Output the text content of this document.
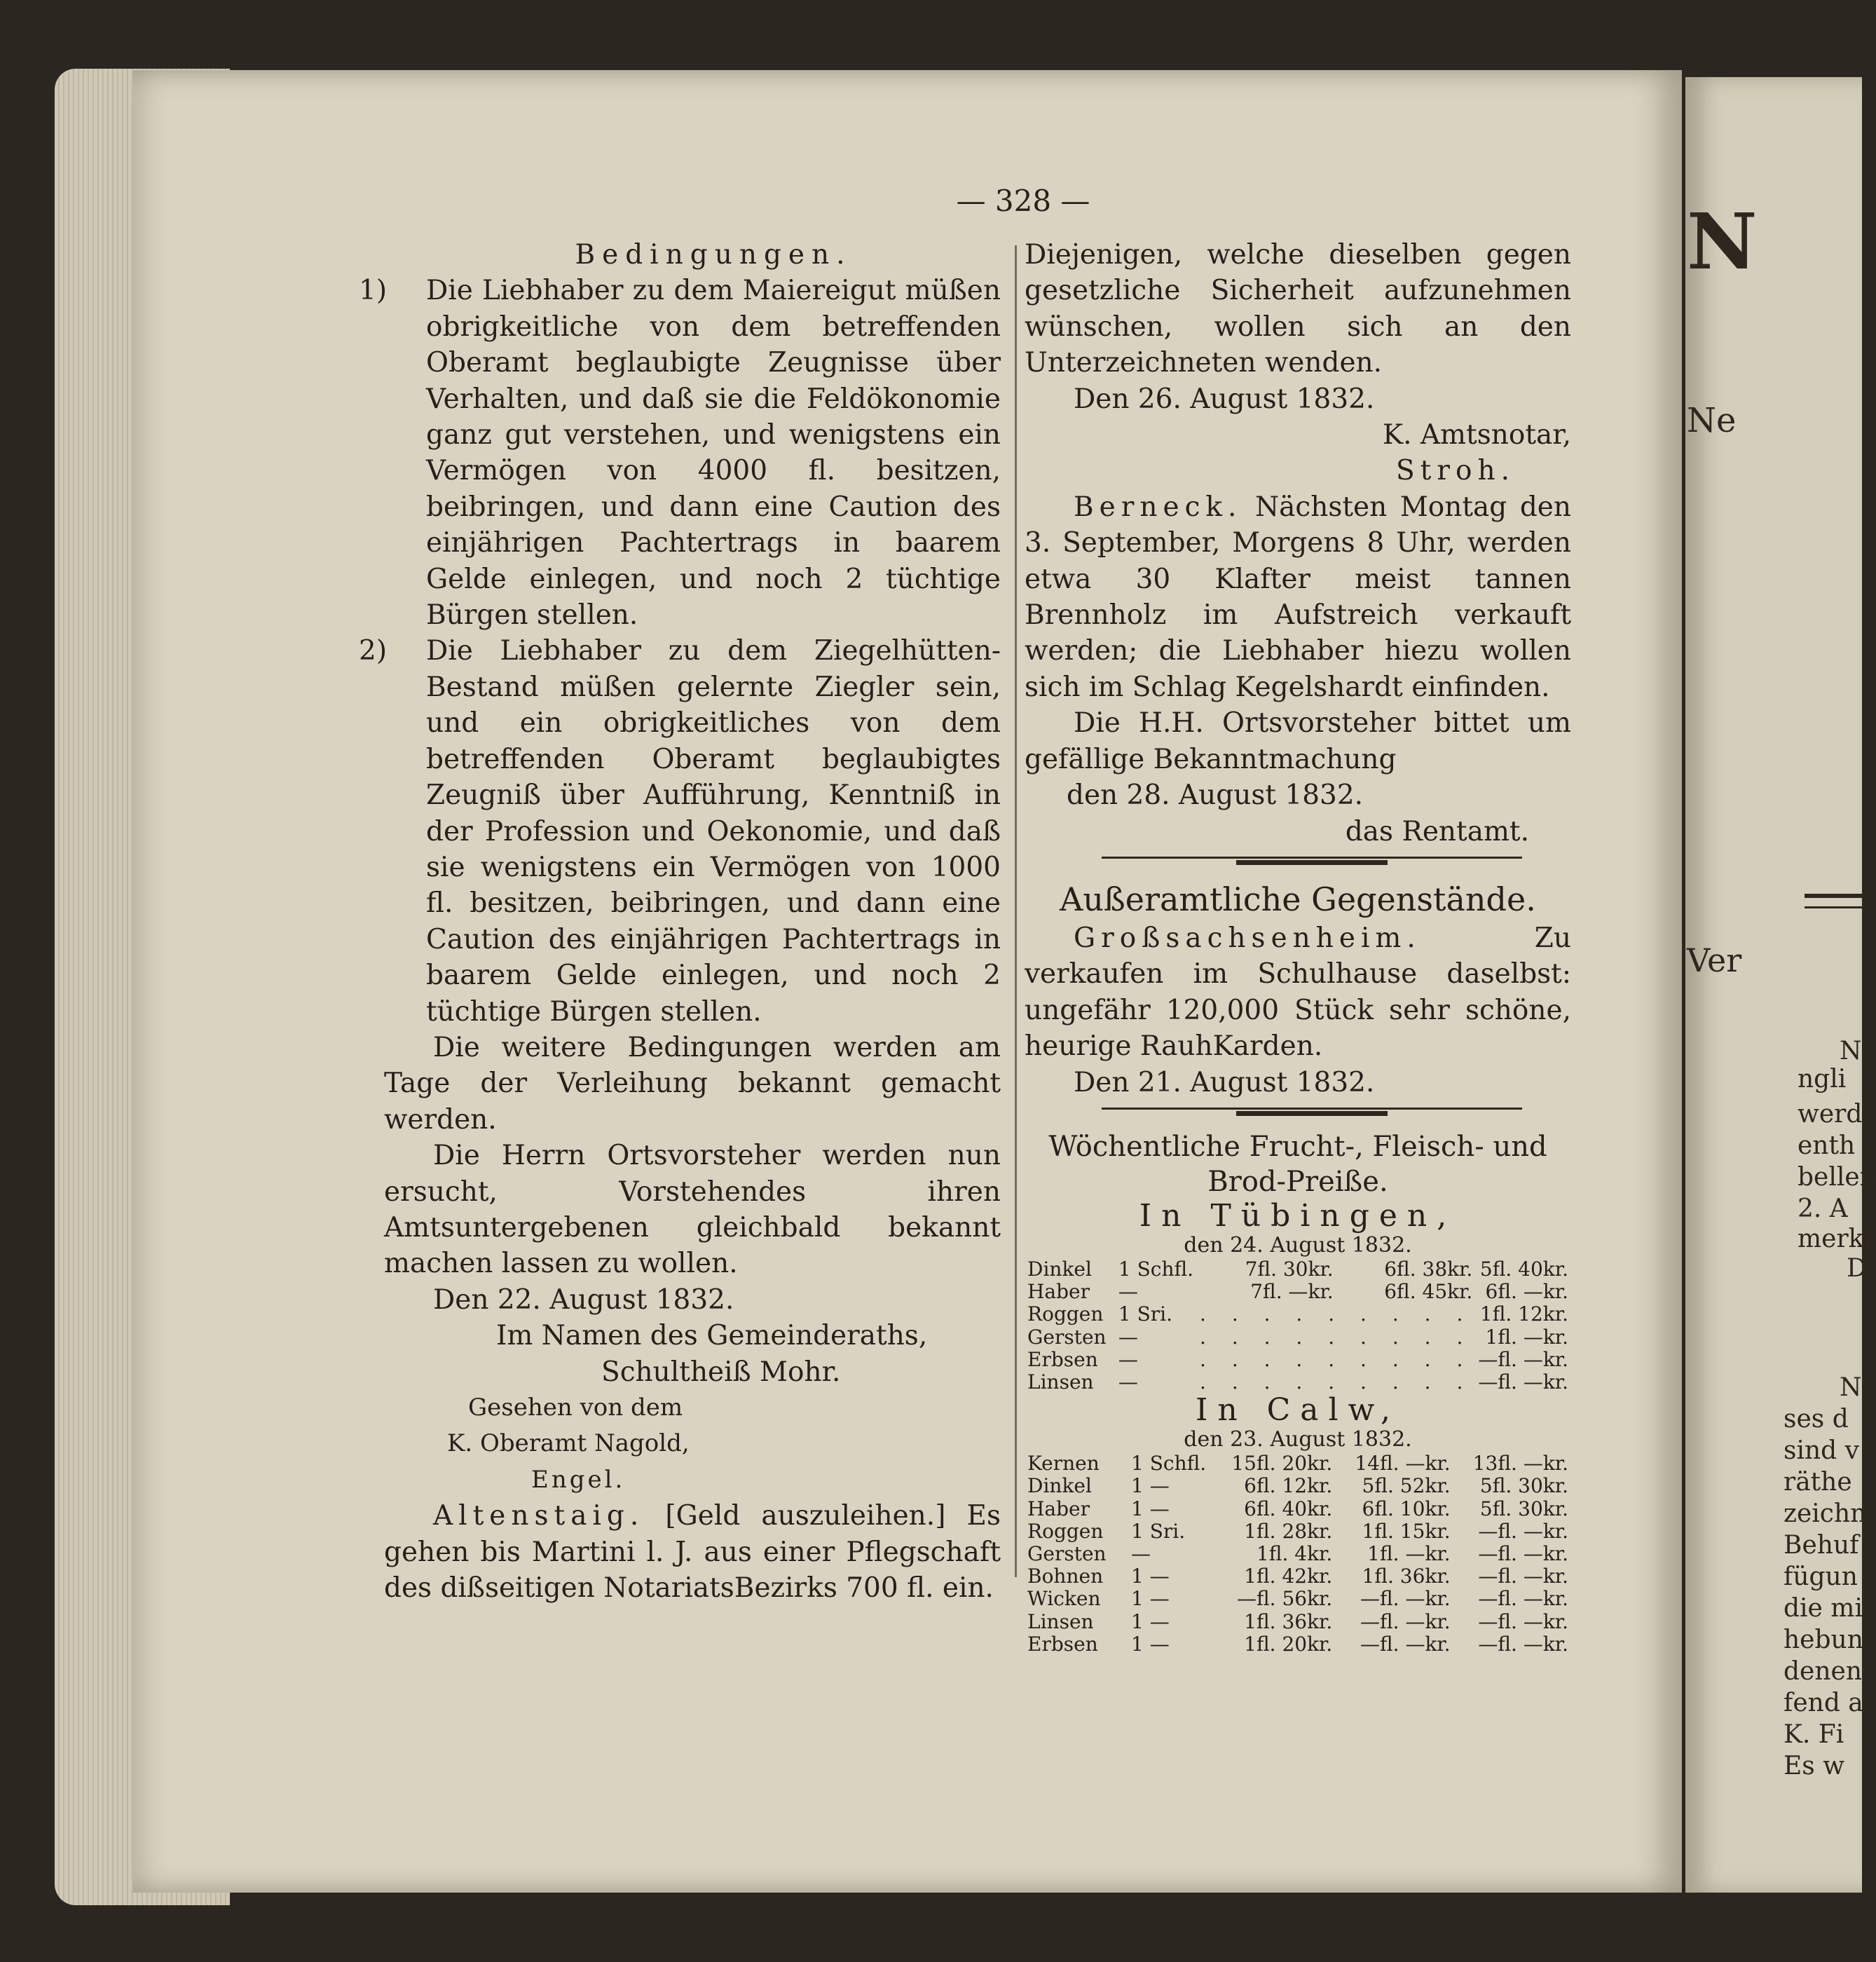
N
Ne
Ver
N
ngli
werd
enth
bellen
2. A
merkf
D
N
ses d
sind v
räthe
zeichn
Behuf
fügun
die mi
hebun
denen
fend a
K. Fi
Es w
— 328 —

Bedingungen.

1) Die Liebhaber zu dem Maiereigut müßen obrigkeitliche von dem betreffenden Oberamt beglaubigte Zeugnisse über Verhalten, und daß sie die Feldökonomie ganz gut verstehen, und wenigstens ein Vermögen von 4000 fl. besitzen, beibringen, und dann eine Caution des einjährigen Pachtertrags in baarem Gelde einlegen, und noch 2 tüchtige Bürgen stellen.

2) Die Liebhaber zu dem Ziegelhütten-Bestand müßen gelernte Ziegler sein, und ein obrigkeitliches von dem betreffenden Oberamt beglaubigtes Zeugniß über Aufführung, Kenntniß in der Profession und Oekonomie, und daß sie wenigstens ein Vermögen von 1000 fl. besitzen, beibringen, und dann eine Caution des einjährigen Pachtertrags in baarem Gelde einlegen, und noch 2 tüchtige Bürgen stellen.

Die weitere Bedingungen werden am Tage der Verleihung bekannt gemacht werden.

Die Herrn Ortsvorsteher werden nun ersucht, Vorstehendes ihren Amtsuntergebenen gleichbald bekannt machen lassen zu wollen.

Den 22. August 1832.

Im Namen des Gemeinderaths,

Schultheiß Mohr.

Gesehen von dem

K. Oberamt Nagold,

Engel.

Altenstaig. [Geld auszuleihen.] Es gehen bis Martini l. J. aus einer Pflegschaft des dißseitigen NotariatsBezirks 700 fl. ein.

Diejenigen, welche dieselben gegen gesetzliche Sicherheit aufzunehmen wünschen, wollen sich an den Unterzeichneten wenden.

Den 26. August 1832.

K. Amtsnotar,

Stroh.

Berneck. Nächsten Montag den 3. September, Morgens 8 Uhr, werden etwa 30 Klafter meist tannen Brennholz im Aufstreich verkauft werden; die Liebhaber hiezu wollen sich im Schlag Kegelshardt einfinden.

Die H.H. Ortsvorsteher bittet um gefällige Bekanntmachung

den 28. August 1832.

das Rentamt.

Außeramtliche Gegenstände.

Großsachsenheim.	Zu verkaufen im Schulhause daselbst: ungefähr 120,000 Stück sehr schöne, heurige RauhKarden.

Den 21. August 1832.

Wöchentliche Frucht-, Fleisch- und

Brod-Preiße.

In Tübingen,
den 24. August 1832.
Dinkel	1 Schfl.	7fl. 30kr.	6fl. 38kr.	5fl. 40kr.
Haber	—	7fl. —kr.	6fl. 45kr.	6fl. —kr.
Roggen	1 Sri.	. . . . . . . . .		1fl. 12kr.
Gersten	—	. . . . . . . . .		1fl. —kr.
Erbsen	—	. . . . . . . . .		—fl. —kr.
Linsen	—	. . . . . . . . .		—fl. —kr.
In Calw,
den 23. August 1832.
Kernen	1 Schfl.	15fl. 20kr.	14fl. —kr.	13fl. —kr.
Dinkel	1 —	6fl. 12kr.	5fl. 52kr.	5fl. 30kr.
Haber	1 —	6fl. 40kr.	6fl. 10kr.	5fl. 30kr.
Roggen	1 Sri.	1fl. 28kr.	1fl. 15kr.	—fl. —kr.
Gersten	—	1fl. 4kr.	1fl. —kr.	—fl. —kr.
Bohnen	1 —	1fl. 42kr.	1fl. 36kr.	—fl. —kr.
Wicken	1 —	—fl. 56kr.	—fl. —kr.	—fl. —kr.
Linsen	1 —	1fl. 36kr.	—fl. —kr.	—fl. —kr.
Erbsen	1 —	1fl. 20kr.	—fl. —kr.	—fl. —kr.
